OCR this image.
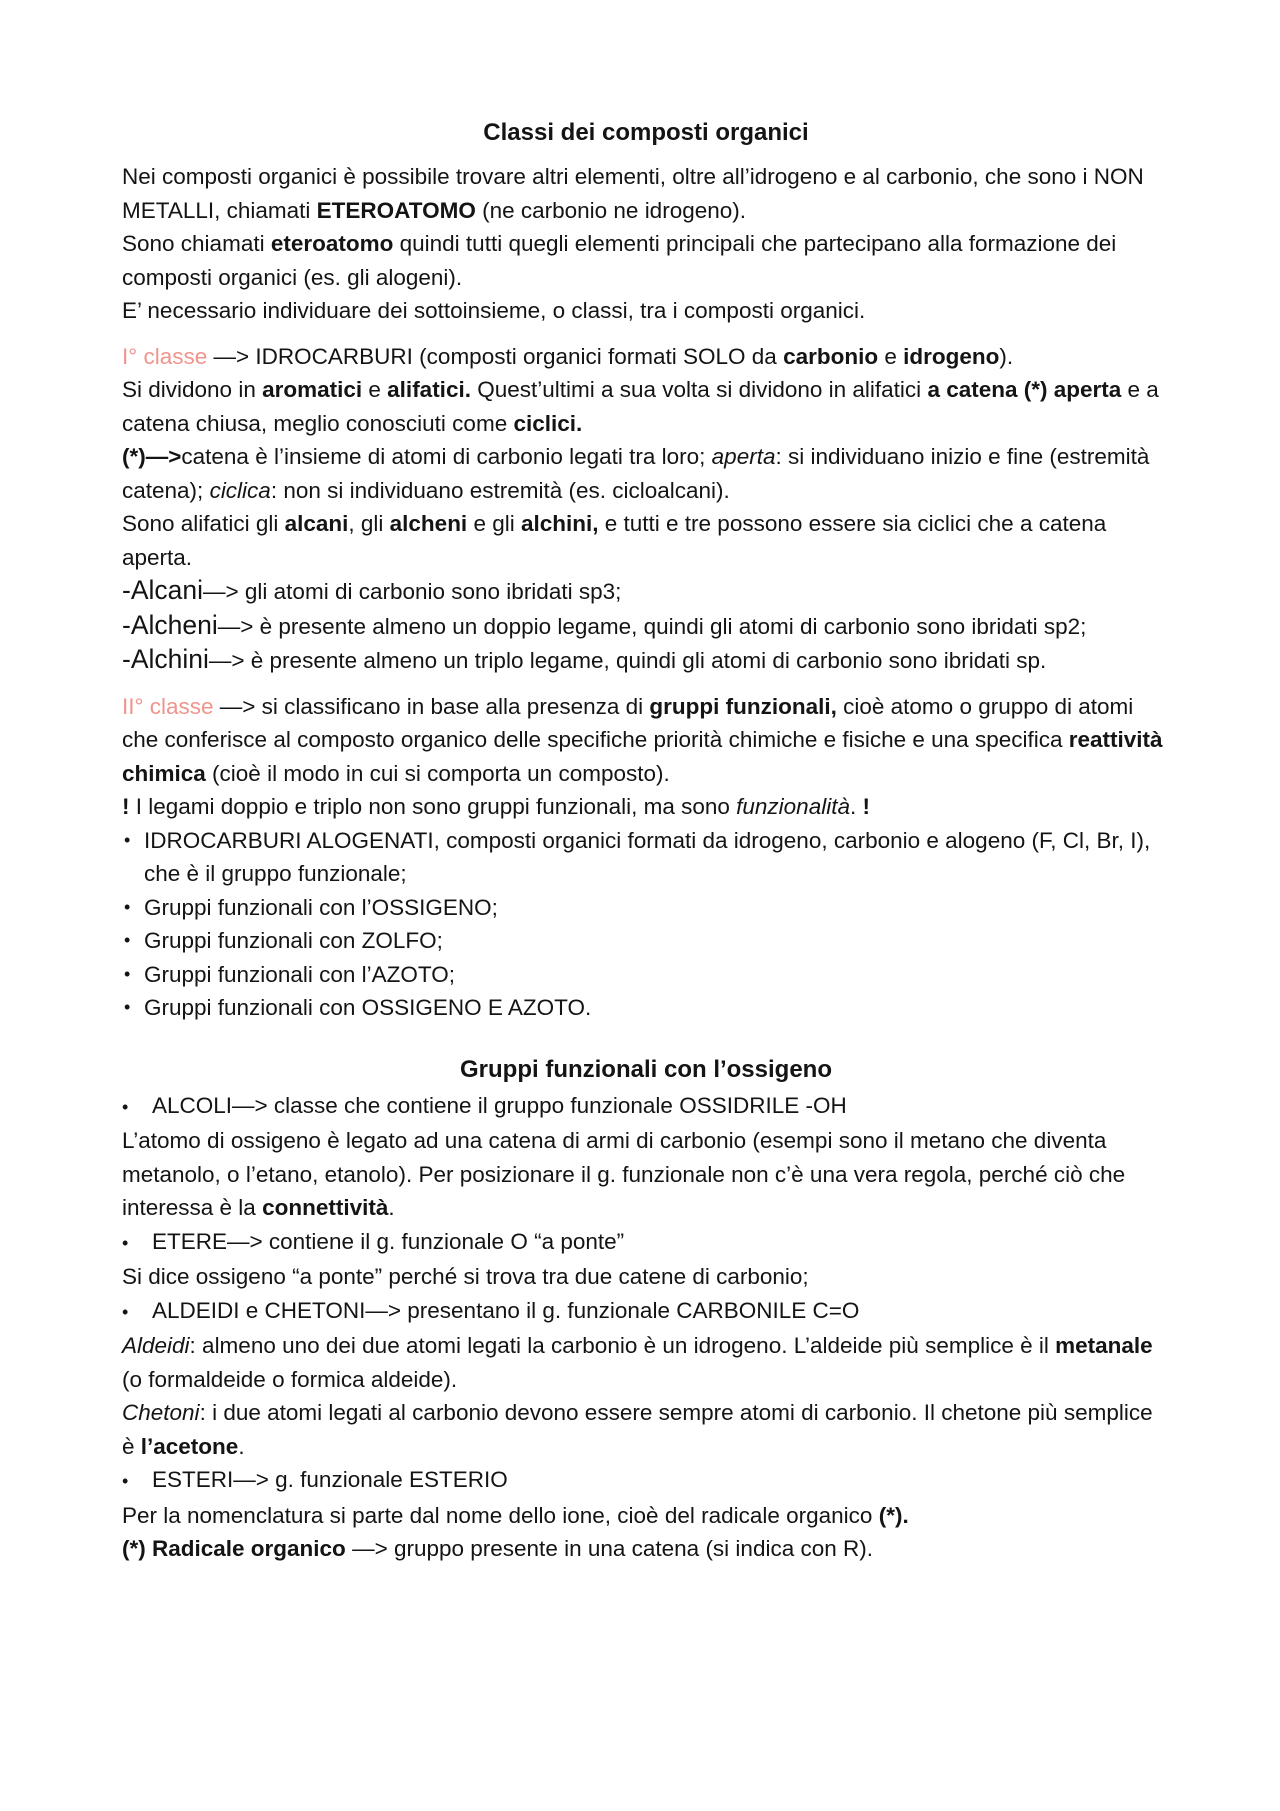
Classi dei composti organici

Nei composti organici è possibile trovare altri elementi, oltre all’idrogeno e al carbonio, che sono i NON METALLI, chiamati ETEROATOMO (ne carbonio ne idrogeno).

Sono chiamati eteroatomo quindi tutti quegli elementi principali che partecipano alla formazione dei composti organici (es. gli alogeni).

E’ necessario individuare dei sottoinsieme, o classi, tra i composti organici.

I° classe —> IDROCARBURI (composti organici formati SOLO da carbonio e idrogeno).

Si dividono in aromatici e alifatici. Quest’ultimi a sua volta si dividono in alifatici a catena (*) aperta e a catena chiusa, meglio conosciuti come ciclici.

(*)—>catena è l’insieme di atomi di carbonio legati tra loro; aperta: si individuano inizio e fine (estremità catena); ciclica: non si individuano estremità (es. cicloalcani).

Sono alifatici gli alcani, gli alcheni e gli alchini, e tutti e tre possono essere sia ciclici che a catena aperta.

-Alcani—> gli atomi di carbonio sono ibridati sp3;

-Alcheni—> è presente almeno un doppio legame, quindi gli atomi di carbonio sono ibridati sp2;

-Alchini—> è presente almeno un triplo legame, quindi gli atomi di carbonio sono ibridati sp.

II° classe —> si classificano in base alla presenza di gruppi funzionali, cioè atomo o gruppo di atomi che conferisce al composto organico delle specifiche priorità chimiche e fisiche e una specifica reattività chimica (cioè il modo in cui si comporta un composto).

! I legami doppio e triplo non sono gruppi funzionali, ma sono funzionalità. !

• IDROCARBURI ALOGENATI, composti organici formati da idrogeno, carbonio e alogeno (F, Cl, Br, I), che è il gruppo funzionale;
• Gruppi funzionali con l’OSSIGENO;
• Gruppi funzionali con ZOLFO;
• Gruppi funzionali con l’AZOTO;
• Gruppi funzionali con OSSIGENO E AZOTO.
Gruppi funzionali con l’ossigeno

• ALCOLI—> classe che contiene il gruppo funzionale OSSIDRILE -OH

L’atomo di ossigeno è legato ad una catena di armi di carbonio (esempi sono il metano che diventa metanolo, o l’etano, etanolo). Per posizionare il g. funzionale non c’è una vera regola, perché ciò che interessa è la connettività.

• ETERE—> contiene il g. funzionale O “a ponte”

Si dice ossigeno “a ponte” perché si trova tra due catene di carbonio;

• ALDEIDI e CHETONI—> presentano il g. funzionale CARBONILE C=O

Aldeidi: almeno uno dei due atomi legati la carbonio è un idrogeno. L’aldeide più semplice è il metanale (o formaldeide o formica aldeide).

Chetoni: i due atomi legati al carbonio devono essere sempre atomi di carbonio. Il chetone più semplice è l’acetone.

• ESTERI—> g. funzionale ESTERIO

Per la nomenclatura si parte dal nome dello ione, cioè del radicale organico (*).

(*) Radicale organico —> gruppo presente in una catena (si indica con R).
